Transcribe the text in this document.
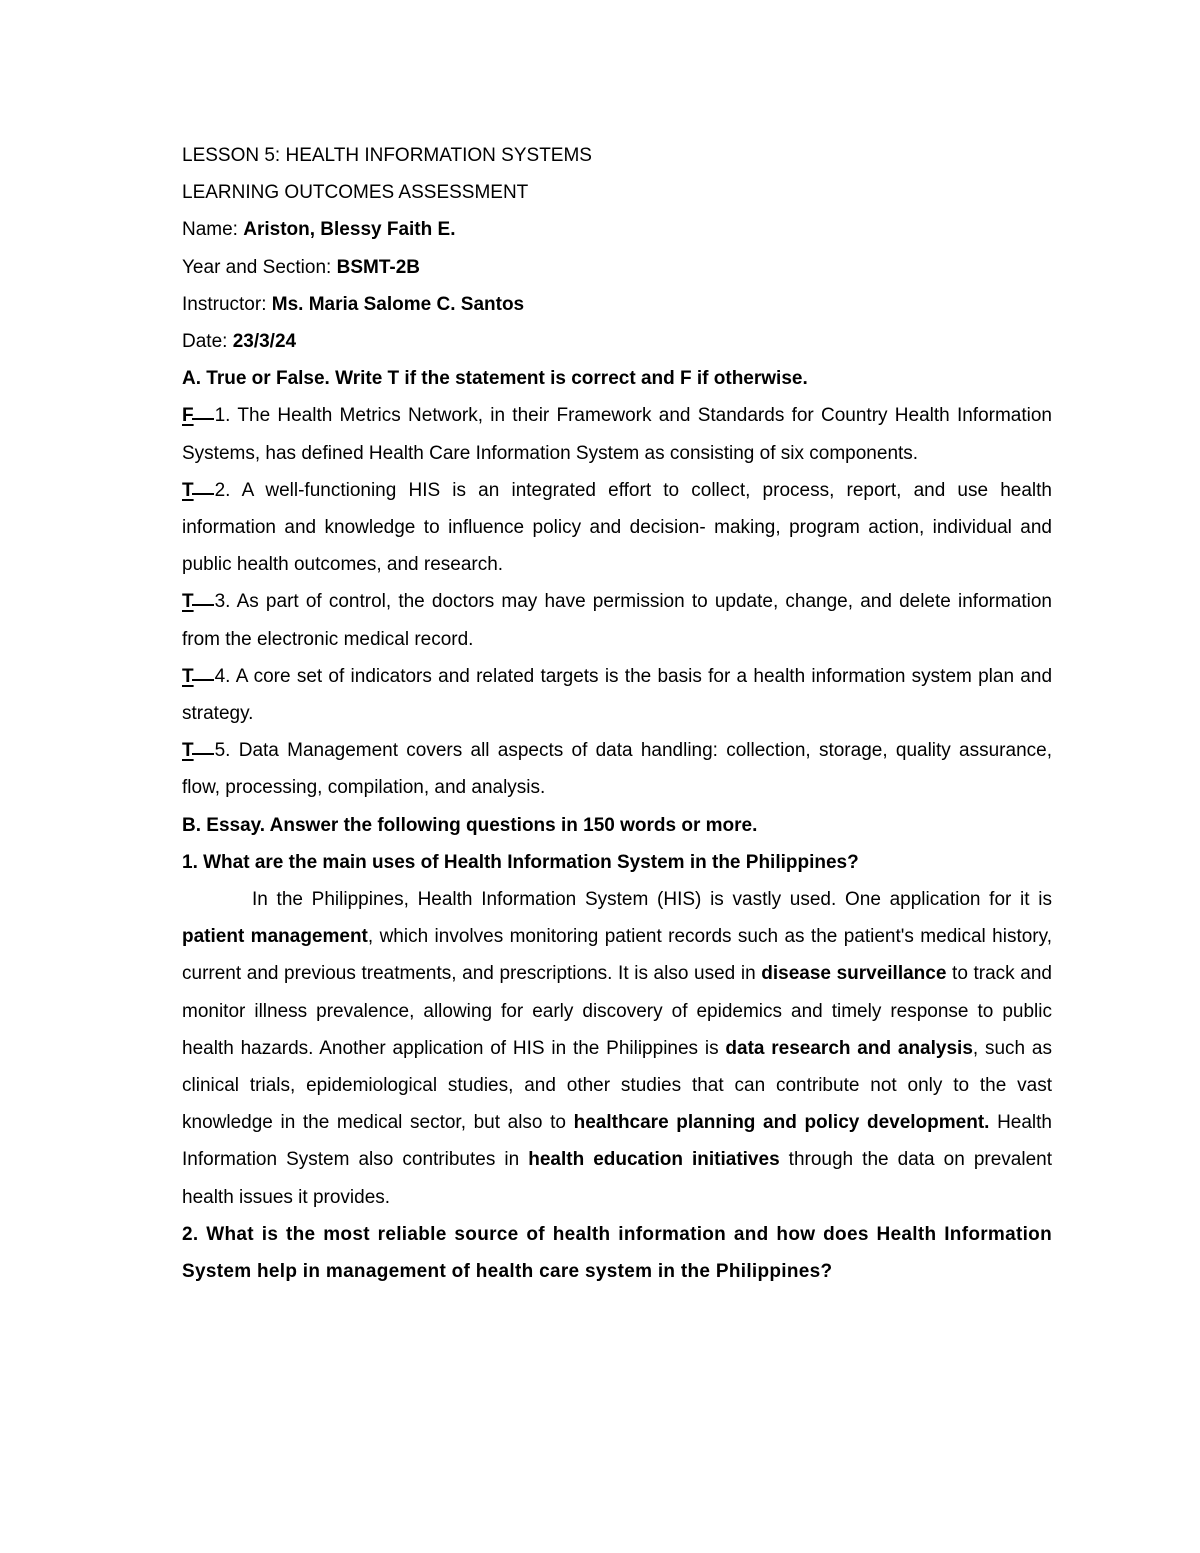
LESSON 5: HEALTH INFORMATION SYSTEMS

LEARNING OUTCOMES ASSESSMENT

Name: Ariston, Blessy Faith E.

Year and Section: BSMT-2B

Instructor: Ms. Maria Salome C. Santos

Date: 23/3/24

A. True or False. Write T if the statement is correct and F if otherwise.

F 1. The Health Metrics Network, in their Framework and Standards for Country Health Information Systems, has defined Health Care Information System as consisting of six components.

T 2. A well-functioning HIS is an integrated effort to collect, process, report, and use health information and knowledge to influence policy and decision- making, program action, individual and public health outcomes, and research.

T 3. As part of control, the doctors may have permission to update, change, and delete information from the electronic medical record.

T 4. A core set of indicators and related targets is the basis for a health information system plan and strategy.

T 5. Data Management covers all aspects of data handling: collection, storage, quality assurance, flow, processing, compilation, and analysis.

B. Essay. Answer the following questions in 150 words or more.

1. What are the main uses of Health Information System in the Philippines?

In the Philippines, Health Information System (HIS) is vastly used. One application for it is patient management, which involves monitoring patient records such as the patient's medical history, current and previous treatments, and prescriptions. It is also used in disease surveillance to track and monitor illness prevalence, allowing for early discovery of epidemics and timely response to public health hazards. Another application of HIS in the Philippines is data research and analysis, such as clinical trials, epidemiological studies, and other studies that can contribute not only to the vast knowledge in the medical sector, but also to healthcare planning and policy development. Health Information System also contributes in health education initiatives through the data on prevalent health issues it provides.

2. What is the most reliable source of health information and how does Health Information System help in management of health care system in the Philippines?
